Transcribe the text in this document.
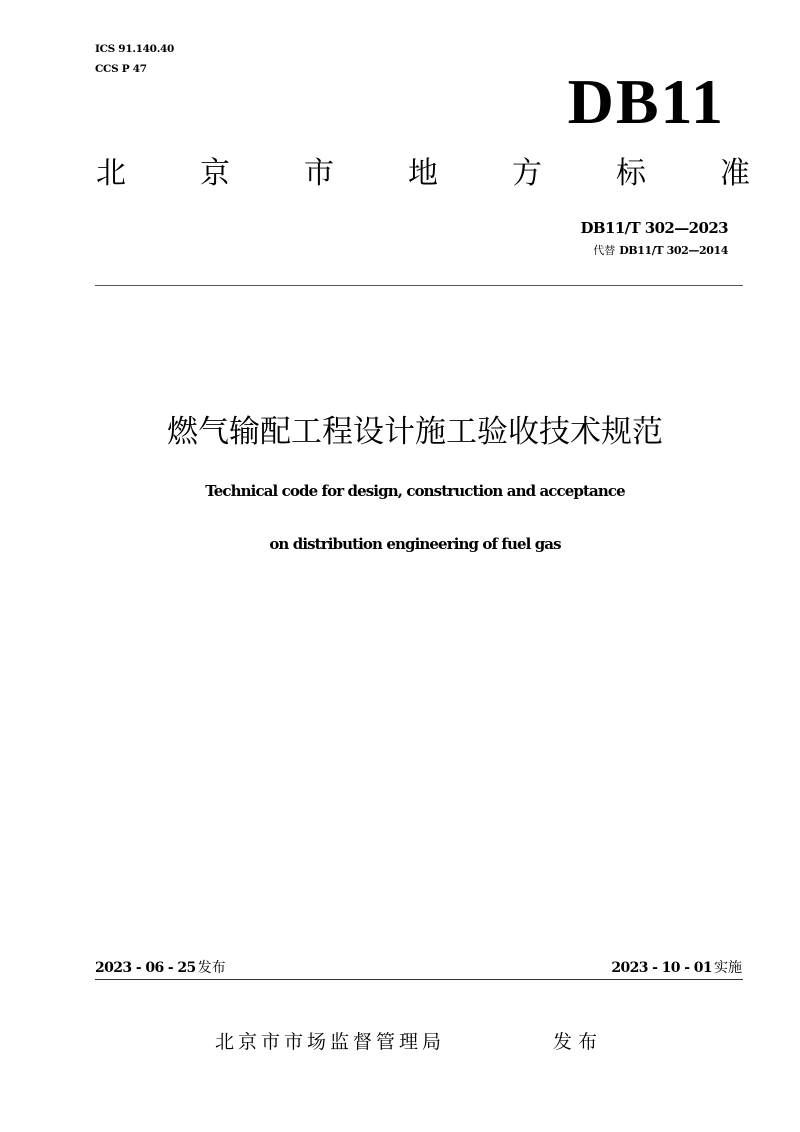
ICS 91.140.40
CCS P 47	DB11
北 京 市 地 方 标 准
DB11/T 302—2023
代替 DB11/T 302—2014
燃气输配工程设计施工验收技术规范
Technical code for design, construction and acceptance
on distribution engineering of fuel gas
2023 - 06 - 25 发布	2023 - 10 - 01 实施
北京市市场监督管理局	发布
